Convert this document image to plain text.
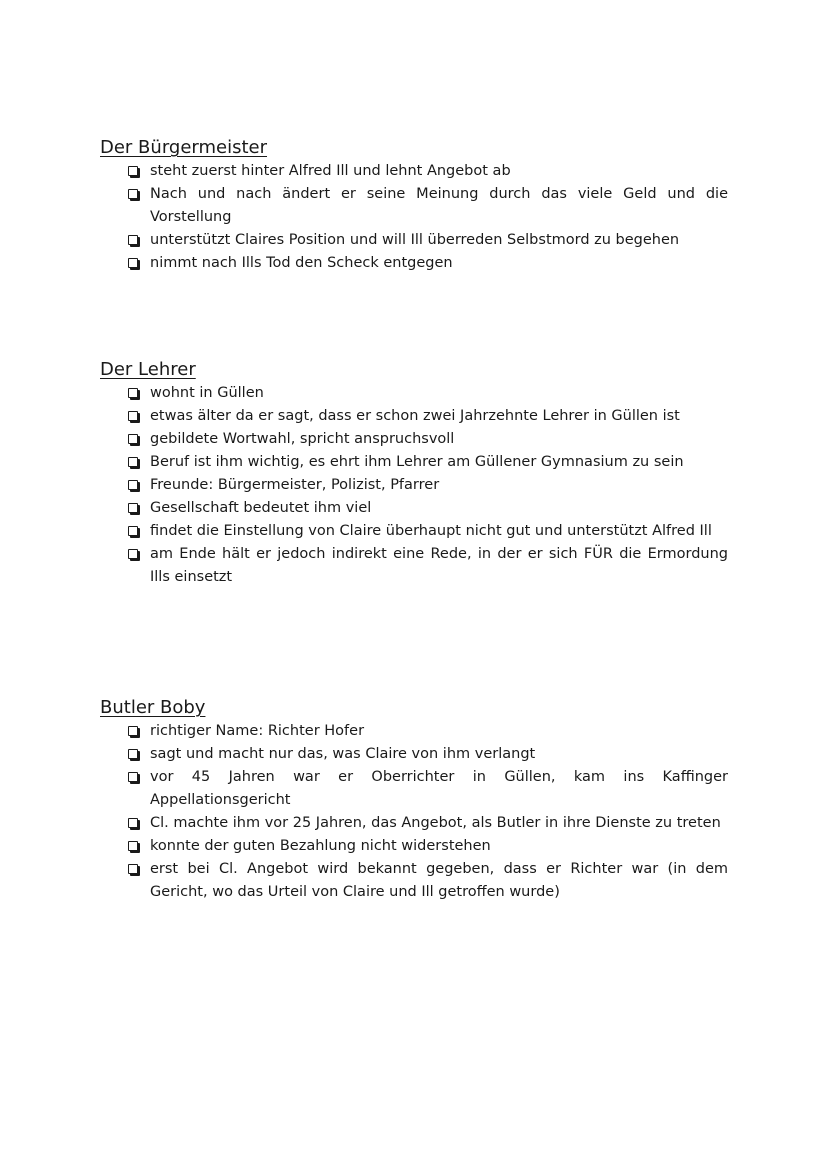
Der Bürgermeister
steht zuerst hinter Alfred Ill und lehnt Angebot ab
Nach und nach ändert er seine Meinung durch das viele Geld und die Vorstellung
unterstützt Claires Position und will Ill überreden Selbstmord zu begehen
nimmt nach Ills Tod den Scheck entgegen
Der Lehrer
wohnt in Güllen
etwas älter da er sagt, dass er schon zwei Jahrzehnte Lehrer in Güllen ist
gebildete Wortwahl, spricht anspruchsvoll
Beruf ist ihm wichtig, es ehrt ihm Lehrer am Güllener Gymnasium zu sein
Freunde: Bürgermeister, Polizist, Pfarrer
Gesellschaft bedeutet ihm viel
findet die Einstellung von Claire überhaupt nicht gut und unterstützt Alfred Ill
am Ende hält er jedoch indirekt eine Rede, in der er sich FÜR die Ermordung Ills einsetzt
Butler Boby
richtiger Name: Richter Hofer
sagt und macht nur das, was Claire von ihm verlangt
vor 45 Jahren war er Oberrichter in Güllen, kam ins Kaffinger Appellationsgericht
Cl. machte ihm vor 25 Jahren, das Angebot, als Butler in ihre Dienste zu treten
konnte der guten Bezahlung nicht widerstehen
erst bei Cl. Angebot wird bekannt gegeben, dass er Richter war (in dem Gericht, wo das Urteil von Claire und Ill getroffen wurde)
